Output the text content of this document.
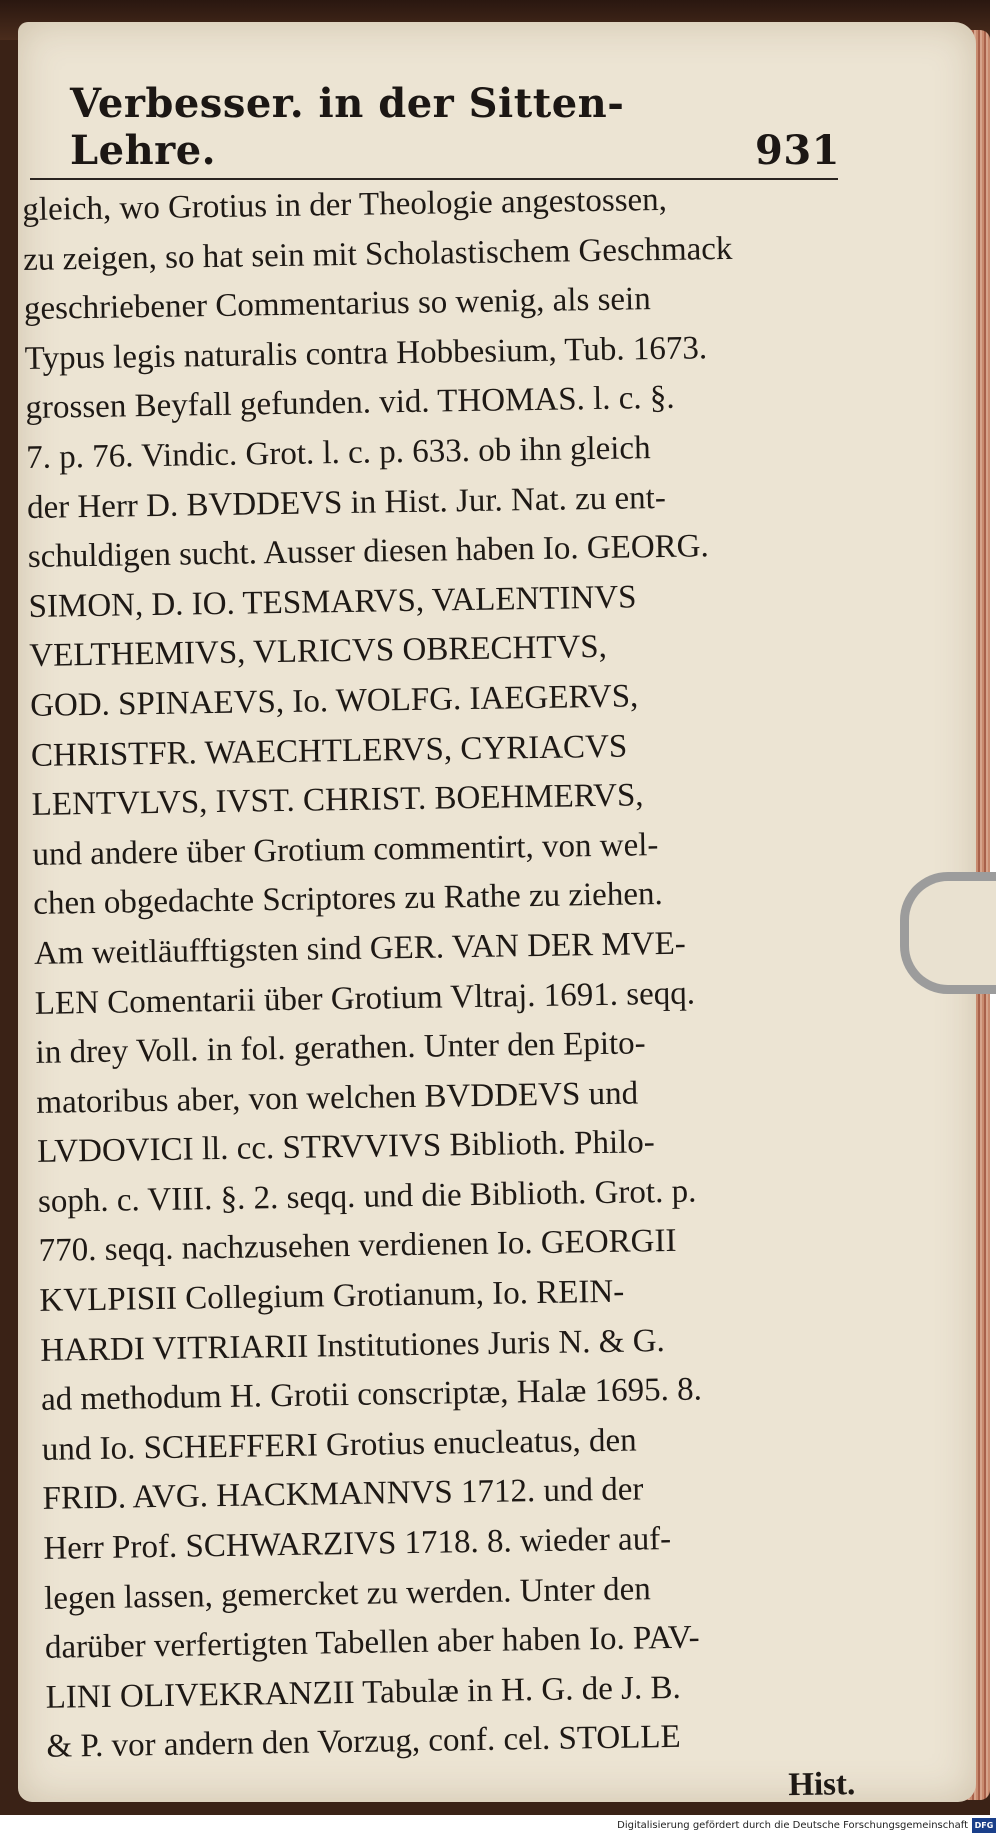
Verbesser. in der Sitten-Lehre.	931
gleich, wo Grotius in der Theologie angestossen,
zu zeigen, so hat sein mit Scholastischem Geschmack
geschriebener Commentarius so wenig, als sein
Typus legis naturalis contra Hobbesium, Tub. 1673.
grossen Beyfall gefunden. vid. THOMAS. l. c. §.
7. p. 76. Vindic. Grot. l. c. p. 633. ob ihn gleich
der Herr D. BVDDEVS in Hist. Jur. Nat. zu ent-
schuldigen sucht. Ausser diesen haben Io. GEORG.
SIMON, D. IO. TESMARVS, VALENTINVS
VELTHEMIVS, VLRICVS OBRECHTVS,
GOD. SPINAEVS, Io. WOLFG. IAEGERVS,
CHRISTFR. WAECHTLERVS, CYRIACVS
LENTVLVS, IVST. CHRIST. BOEHMERVS,
und andere über Grotium commentirt, von wel-
chen obgedachte Scriptores zu Rathe zu ziehen.
Am weitläufftigsten sind GER. VAN DER MVE-
LEN Comentarii über Grotium Vltraj. 1691. seqq.
in drey Voll. in fol. gerathen. Unter den Epito-
matoribus aber, von welchen BVDDEVS und
LVDOVICI ll. cc. STRVVIVS Biblioth. Philo-
soph. c. VIII. §. 2. seqq. und die Biblioth. Grot. p.
770. seqq. nachzusehen verdienen Io. GEORGII
KVLPISII Collegium Grotianum, Io. REIN-
HARDI VITRIARII Institutiones Juris N. & G.
ad methodum H. Grotii conscriptæ, Halæ 1695. 8.
und Io. SCHEFFERI Grotius enucleatus, den
FRID. AVG. HACKMANNVS 1712. und der
Herr Prof. SCHWARZIVS 1718. 8. wieder auf-
legen lassen, gemercket zu werden. Unter den
darüber verfertigten Tabellen aber haben Io. PAV-
LINI OLIVEKRANZII Tabulæ in H. G. de J. B.
& P. vor andern den Vorzug, conf. cel. STOLLE
Hist.
Digitalisierung gefördert durch die Deutsche Forschungsgemeinschaft DFG
